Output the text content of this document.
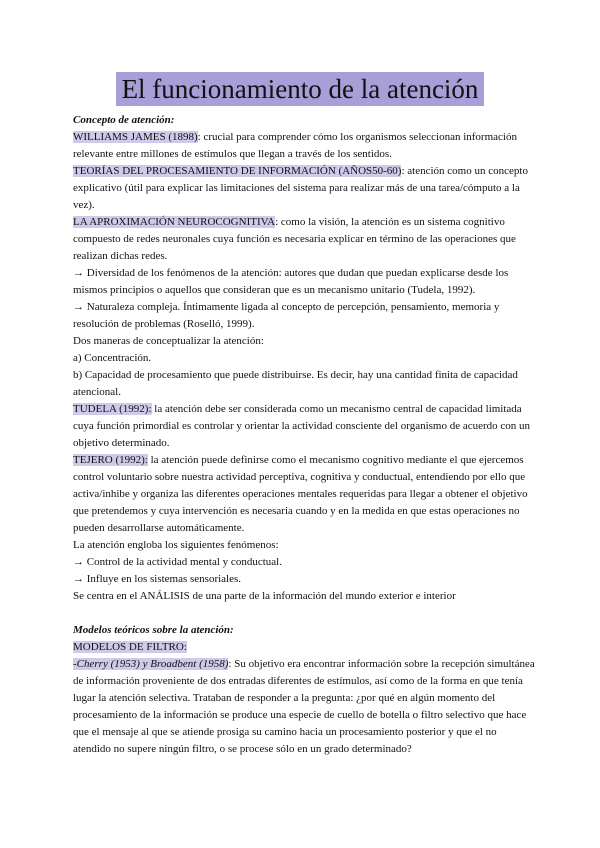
El funcionamiento de la atención

Concepto de atención:

WILLIAMS JAMES (1898): crucial para comprender cómo los organismos seleccionan información relevante entre millones de estímulos que llegan a través de los sentidos.

TEORÍAS DEL PROCESAMIENTO DE INFORMACIÓN (AÑOS50-60): atención como un concepto explicativo (útil para explicar las limitaciones del sistema para realizar más de una tarea/cómputo a la vez).

LA APROXIMACIÓN NEUROCOGNITIVA: como la visión, la atención es un sistema cognitivo compuesto de redes neuronales cuya función es necesaria explicar en término de las operaciones que realizan dichas redes.

→ Diversidad de los fenómenos de la atención: autores que dudan que puedan explicarse desde los mismos principios o aquellos que consideran que es un mecanismo unitario (Tudela, 1992).

→ Naturaleza compleja. Íntimamente ligada al concepto de percepción, pensamiento, memoria y resolución de problemas (Roselló, 1999).

Dos maneras de conceptualizar la atención:

a) Concentración.

b) Capacidad de procesamiento que puede distribuirse. Es decir, hay una cantidad finita de capacidad atencional.

TUDELA (1992): la atención debe ser considerada como un mecanismo central de capacidad limitada cuya función primordial es controlar y orientar la actividad consciente del organismo de acuerdo con un objetivo determinado.

TEJERO (1992): la atención puede definirse como el mecanismo cognitivo mediante el que ejercemos control voluntario sobre nuestra actividad perceptiva, cognitiva y conductual, entendiendo por ello que activa/inhibe y organiza las diferentes operaciones mentales requeridas para llegar a obtener el objetivo que pretendemos y cuya intervención es necesaria cuando y en la medida en que estas operaciones no pueden desarrollarse automáticamente.

La atención engloba los siguientes fenómenos:

→ Control de la actividad mental y conductual.

→ Influye en los sistemas sensoriales.

Se centra en el ANÁLISIS de una parte de la información del mundo exterior e interior

Modelos teóricos sobre la atención:

MODELOS DE FILTRO:

-Cherry (1953) y Broadbent (1958): Su objetivo era encontrar información sobre la recepción simultánea de información proveniente de dos entradas diferentes de estímulos, así como de la forma en que tenía lugar la atención selectiva. Trataban de responder a la pregunta: ¿por qué en algún momento del procesamiento de la información se produce una especie de cuello de botella o filtro selectivo que hace que el mensaje al que se atiende prosiga su camino hacia un procesamiento posterior y que el no atendido no supere ningún filtro, o se procese sólo en un grado determinado?
